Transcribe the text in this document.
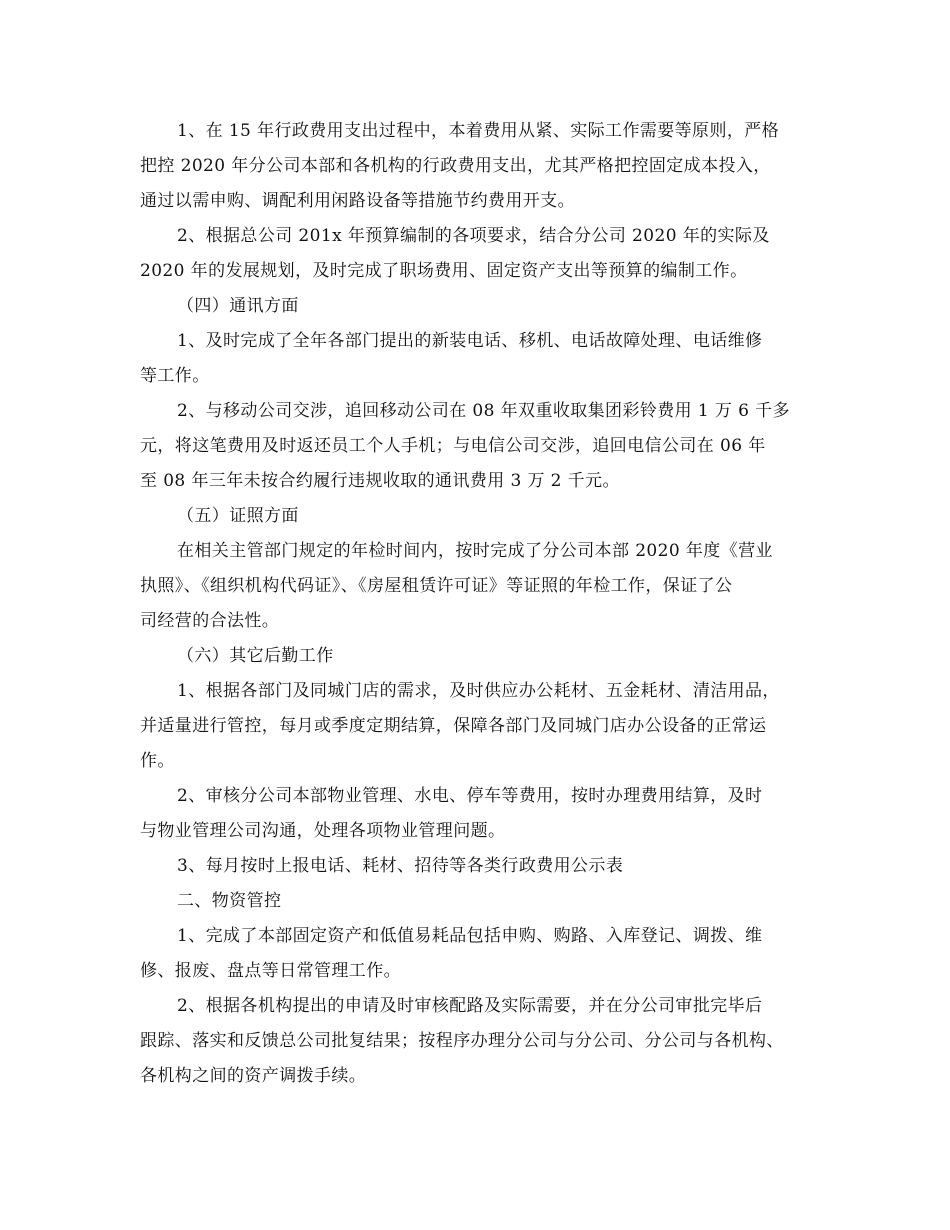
1、在 15 年行政费用支出过程中，本着费用从紧、实际工作需要等原则，严格
把控 2020 年分公司本部和各机构的行政费用支出，尤其严格把控固定成本投入，
通过以需申购、调配利用闲路设备等措施节约费用开支。
2、根据总公司 201x 年预算编制的各项要求，结合分公司 2020 年的实际及
2020 年的发展规划，及时完成了职场费用、固定资产支出等预算的编制工作。
（四）通讯方面
1、及时完成了全年各部门提出的新装电话、移机、电话故障处理、电话维修
等工作。
2、与移动公司交涉，追回移动公司在 08 年双重收取集团彩铃费用 1 万 6 千多
元，将这笔费用及时返还员工个人手机；与电信公司交涉，追回电信公司在 06 年
至 08 年三年未按合约履行违规收取的通讯费用 3 万 2 千元。
（五）证照方面
在相关主管部门规定的年检时间内，按时完成了分公司本部 2020 年度《营业
执照》、《组织机构代码证》、《房屋租赁许可证》等证照的年检工作，保证了公
司经营的合法性。
（六）其它后勤工作
1、根据各部门及同城门店的需求，及时供应办公耗材、五金耗材、清洁用品，
并适量进行管控，每月或季度定期结算，保障各部门及同城门店办公设备的正常运
作。
2、审核分公司本部物业管理、水电、停车等费用，按时办理费用结算，及时
与物业管理公司沟通，处理各项物业管理问题。
3、每月按时上报电话、耗材、招待等各类行政费用公示表
二、物资管控
1、完成了本部固定资产和低值易耗品包括申购、购路、入库登记、调拨、维
修、报废、盘点等日常管理工作。
2、根据各机构提出的申请及时审核配路及实际需要，并在分公司审批完毕后
跟踪、落实和反馈总公司批复结果；按程序办理分公司与分公司、分公司与各机构、
各机构之间的资产调拨手续。
